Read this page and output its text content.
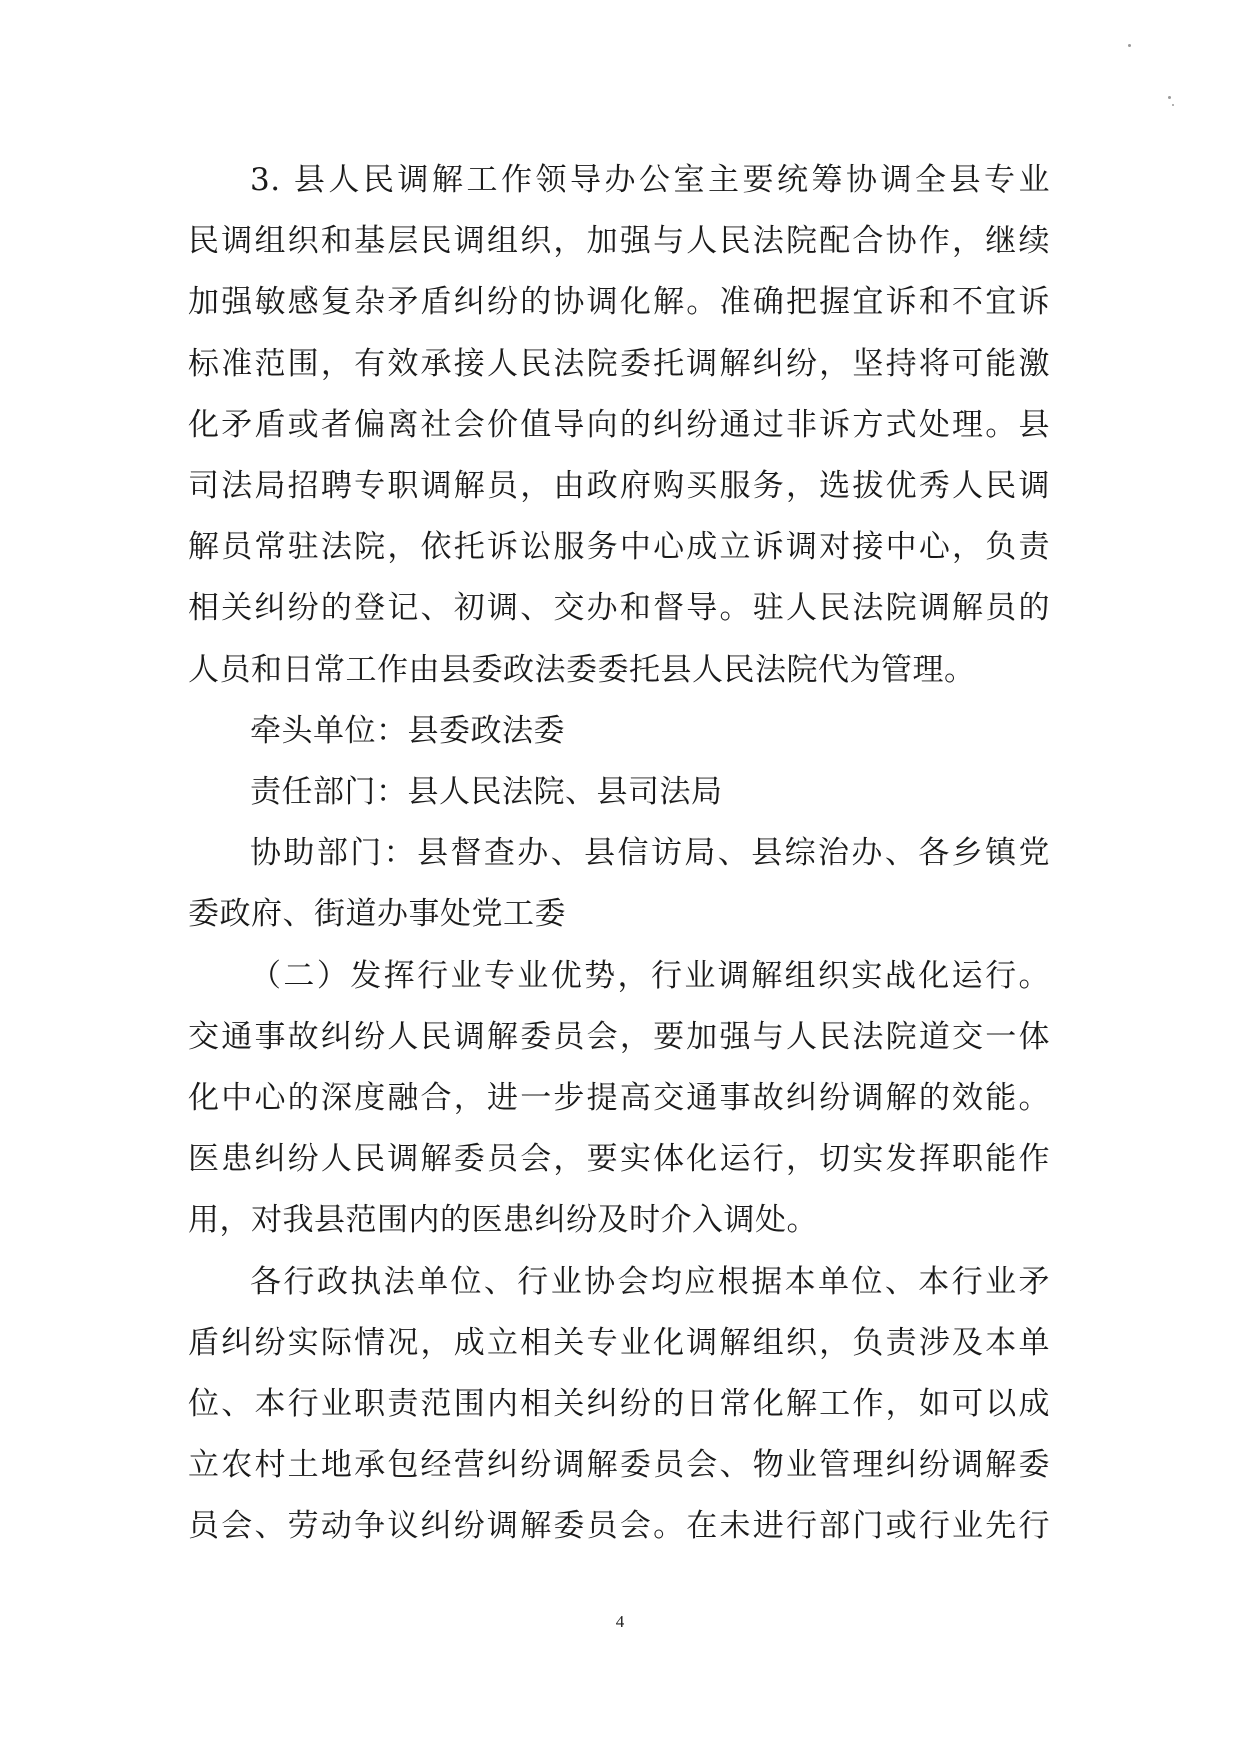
3. 县人民调解工作领导办公室主要统筹协调全县专业
民调组织和基层民调组织，加强与人民法院配合协作，继续
加强敏感复杂矛盾纠纷的协调化解。准确把握宜诉和不宜诉
标准范围，有效承接人民法院委托调解纠纷，坚持将可能激
化矛盾或者偏离社会价值导向的纠纷通过非诉方式处理。县
司法局招聘专职调解员，由政府购买服务，选拔优秀人民调
解员常驻法院，依托诉讼服务中心成立诉调对接中心，负责
相关纠纷的登记、初调、交办和督导。驻人民法院调解员的
人员和日常工作由县委政法委委托县人民法院代为管理。

牵头单位：县委政法委

责任部门：县人民法院、县司法局

协助部门：县督查办、县信访局、县综治办、各乡镇党
委政府、街道办事处党工委

（二）发挥行业专业优势，行业调解组织实战化运行。
交通事故纠纷人民调解委员会，要加强与人民法院道交一体
化中心的深度融合，进一步提高交通事故纠纷调解的效能。
医患纠纷人民调解委员会，要实体化运行，切实发挥职能作
用，对我县范围内的医患纠纷及时介入调处。

各行政执法单位、行业协会均应根据本单位、本行业矛
盾纠纷实际情况，成立相关专业化调解组织，负责涉及本单
位、本行业职责范围内相关纠纷的日常化解工作，如可以成
立农村土地承包经营纠纷调解委员会、物业管理纠纷调解委
员会、劳动争议纠纷调解委员会。在未进行部门或行业先行

4
